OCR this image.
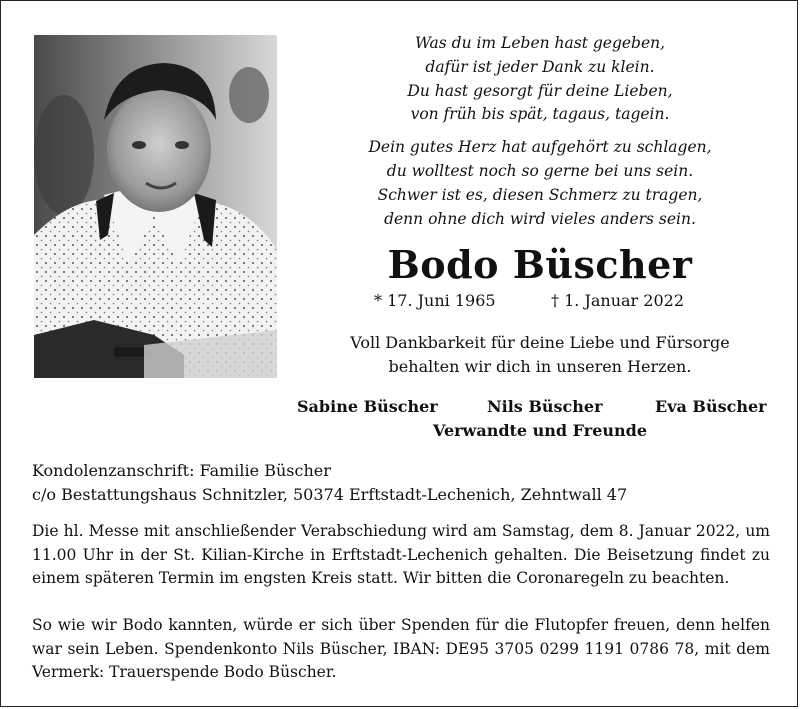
Was du im Leben hast gegeben,
dafür ist jeder Dank zu klein.
Du hast gesorgt für deine Lieben,
von früh bis spät, tagaus, tagein.
Dein gutes Herz hat aufgehört zu schlagen,
du wolltest noch so gerne bei uns sein.
Schwer ist es, diesen Schmerz zu tragen,
denn ohne dich wird vieles anders sein.
Bodo Büscher
* 17. Juni 1965	† 1. Januar 2022
Voll Dankbarkeit für deine Liebe und Fürsorge
behalten wir dich in unseren Herzen.
Sabine Büscher	Nils Büscher	Eva Büscher
Verwandte und Freunde
Kondolenzanschrift: Familie Büscher
c/o Bestattungshaus Schnitzler, 50374 Erftstadt-Lechenich, Zehntwall 47
Die hl. Messe mit anschließender Verabschiedung wird am Samstag, dem 8. Januar 2022, um 11.00 Uhr in der St. Kilian-Kirche in Erftstadt-Lechenich gehalten. Die Beisetzung findet zu einem späteren Termin im engsten Kreis statt. Wir bitten die Coronaregeln zu beachten.
So wie wir Bodo kannten, würde er sich über Spenden für die Flutopfer freuen, denn helfen war sein Leben. Spendenkonto Nils Büscher, IBAN: DE95 3705 0299 1191 0786 78, mit dem Vermerk: Trauerspende Bodo Büscher.
